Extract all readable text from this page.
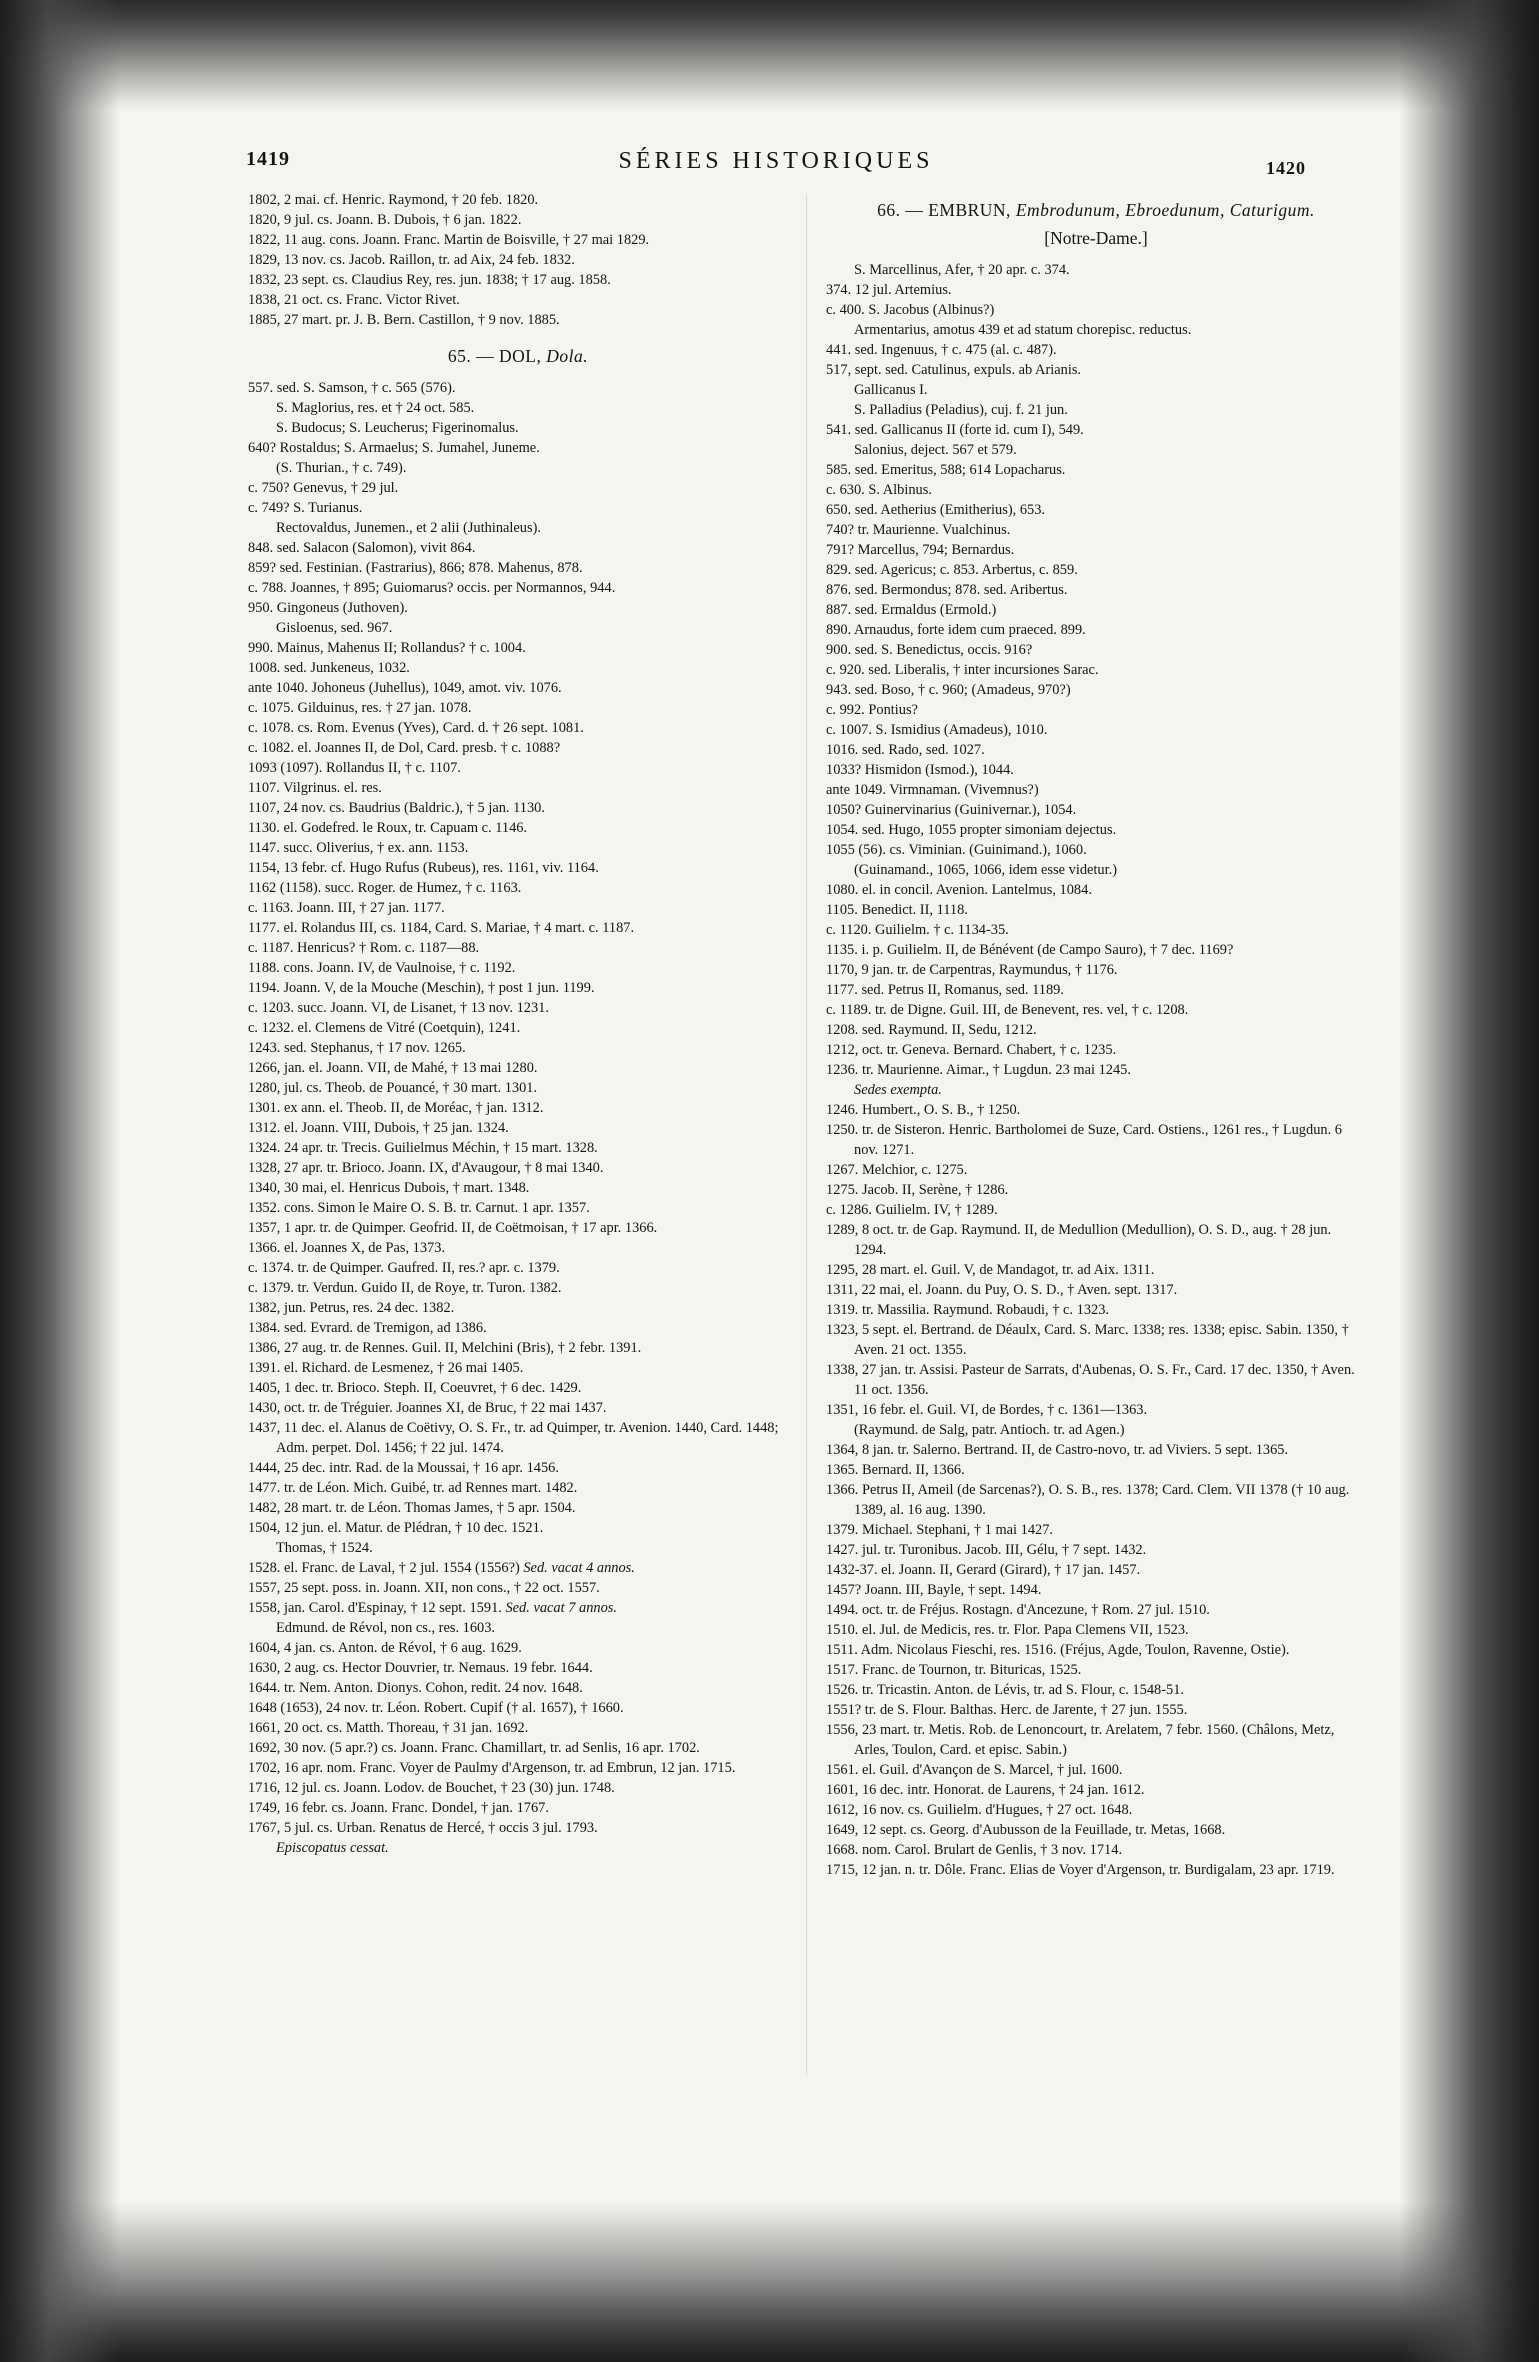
1419	SÉRIES HISTORIQUES	1420

1802, 2 mai. cf. Henric. Raymond, † 20 feb. 1820.

1820, 9 jul. cs. Joann. B. Dubois, † 6 jan. 1822.

1822, 11 aug. cons. Joann. Franc. Martin de Boisville, † 27 mai 1829.

1829, 13 nov. cs. Jacob. Raillon, tr. ad Aix, 24 feb. 1832.

1832, 23 sept. cs. Claudius Rey, res. jun. 1838; † 17 aug. 1858.

1838, 21 oct. cs. Franc. Victor Rivet.

1885, 27 mart. pr. J. B. Bern. Castillon, † 9 nov. 1885.

65. — DOL, Dola.

557. sed. S. Samson, † c. 565 (576).

S. Maglorius, res. et † 24 oct. 585.

S. Budocus; S. Leucherus; Figerinomalus.

640? Rostaldus; S. Armaelus; S. Jumahel, Juneme.

(S. Thurian., † c. 749).

c. 750? Genevus, † 29 jul.

c. 749? S. Turianus.

Rectovaldus, Junemen., et 2 alii (Juthinaleus).

848. sed. Salacon (Salomon), vivit 864.

859? sed. Festinian. (Fastrarius), 866; 878. Mahenus, 878.

c. 788. Joannes, † 895; Guiomarus? occis. per Normannos, 944.

950. Gingoneus (Juthoven).

Gisloenus, sed. 967.

990. Mainus, Mahenus II; Rollandus? † c. 1004.

1008. sed. Junkeneus, 1032.

ante 1040. Johoneus (Juhellus), 1049, amot. viv. 1076.

c. 1075. Gilduinus, res. † 27 jan. 1078.

c. 1078. cs. Rom. Evenus (Yves), Card. d. † 26 sept. 1081.

c. 1082. el. Joannes II, de Dol, Card. presb. † c. 1088?

1093 (1097). Rollandus II, † c. 1107.

1107. Vilgrinus. el. res.

1107, 24 nov. cs. Baudrius (Baldric.), † 5 jan. 1130.

1130. el. Godefred. le Roux, tr. Capuam c. 1146.

1147. succ. Oliverius, † ex. ann. 1153.

1154, 13 febr. cf. Hugo Rufus (Rubeus), res. 1161, viv. 1164.

1162 (1158). succ. Roger. de Humez, † c. 1163.

c. 1163. Joann. III, † 27 jan. 1177.

1177. el. Rolandus III, cs. 1184, Card. S. Mariae, † 4 mart. c. 1187.

c. 1187. Henricus? † Rom. c. 1187—88.

1188. cons. Joann. IV, de Vaulnoise, † c. 1192.

1194. Joann. V, de la Mouche (Meschin), † post 1 jun. 1199.

c. 1203. succ. Joann. VI, de Lisanet, † 13 nov. 1231.

c. 1232. el. Clemens de Vitré (Coetquin), 1241.

1243. sed. Stephanus, † 17 nov. 1265.

1266, jan. el. Joann. VII, de Mahé, † 13 mai 1280.

1280, jul. cs. Theob. de Pouancé, † 30 mart. 1301.

1301. ex ann. el. Theob. II, de Moréac, † jan. 1312.

1312. el. Joann. VIII, Dubois, † 25 jan. 1324.

1324. 24 apr. tr. Trecis. Guilielmus Méchin, † 15 mart. 1328.

1328, 27 apr. tr. Brioco. Joann. IX, d'Avaugour, † 8 mai 1340.

1340, 30 mai, el. Henricus Dubois, † mart. 1348.

1352. cons. Simon le Maire O. S. B. tr. Carnut. 1 apr. 1357.

1357, 1 apr. tr. de Quimper. Geofrid. II, de Coëtmoisan, † 17 apr. 1366.

1366. el. Joannes X, de Pas, 1373.

c. 1374. tr. de Quimper. Gaufred. II, res.? apr. c. 1379.

c. 1379. tr. Verdun. Guido II, de Roye, tr. Turon. 1382.

1382, jun. Petrus, res. 24 dec. 1382.

1384. sed. Evrard. de Tremigon, ad 1386.

1386, 27 aug. tr. de Rennes. Guil. II, Melchini (Bris), † 2 febr. 1391.

1391. el. Richard. de Lesmenez, † 26 mai 1405.

1405, 1 dec. tr. Brioco. Steph. II, Coeuvret, † 6 dec. 1429.

1430, oct. tr. de Tréguier. Joannes XI, de Bruc, † 22 mai 1437.

1437, 11 dec. el. Alanus de Coëtivy, O. S. Fr., tr. ad Quimper, tr. Avenion. 1440, Card. 1448; Adm. perpet. Dol. 1456; † 22 jul. 1474.

1444, 25 dec. intr. Rad. de la Moussai, † 16 apr. 1456.

1477. tr. de Léon. Mich. Guibé, tr. ad Rennes mart. 1482.

1482, 28 mart. tr. de Léon. Thomas James, † 5 apr. 1504.

1504, 12 jun. el. Matur. de Plédran, † 10 dec. 1521.

Thomas, † 1524.

1528. el. Franc. de Laval, † 2 jul. 1554 (1556?) Sed. vacat 4 annos.

1557, 25 sept. poss. in. Joann. XII, non cons., † 22 oct. 1557.

1558, jan. Carol. d'Espinay, † 12 sept. 1591. Sed. vacat 7 annos.

Edmund. de Révol, non cs., res. 1603.

1604, 4 jan. cs. Anton. de Révol, † 6 aug. 1629.

1630, 2 aug. cs. Hector Douvrier, tr. Nemaus. 19 febr. 1644.

1644. tr. Nem. Anton. Dionys. Cohon, redit. 24 nov. 1648.

1648 (1653), 24 nov. tr. Léon. Robert. Cupif († al. 1657), † 1660.

1661, 20 oct. cs. Matth. Thoreau, † 31 jan. 1692.

1692, 30 nov. (5 apr.?) cs. Joann. Franc. Chamillart, tr. ad Senlis, 16 apr. 1702.

1702, 16 apr. nom. Franc. Voyer de Paulmy d'Argenson, tr. ad Embrun, 12 jan. 1715.

1716, 12 jul. cs. Joann. Lodov. de Bouchet, † 23 (30) jun. 1748.

1749, 16 febr. cs. Joann. Franc. Dondel, † jan. 1767.

1767, 5 jul. cs. Urban. Renatus de Hercé, † occis 3 jul. 1793.

Episcopatus cessat.

66. — EMBRUN, Embrodunum, Ebroedunum, Caturigum.
[Notre-Dame.]

S. Marcellinus, Afer, † 20 apr. c. 374.

374. 12 jul. Artemius.

c. 400. S. Jacobus (Albinus?)

Armentarius, amotus 439 et ad statum chorepisc. reductus.

441. sed. Ingenuus, † c. 475 (al. c. 487).

517, sept. sed. Catulinus, expuls. ab Arianis.

Gallicanus I.

S. Palladius (Peladius), cuj. f. 21 jun.

541. sed. Gallicanus II (forte id. cum I), 549.

Salonius, deject. 567 et 579.

585. sed. Emeritus, 588; 614 Lopacharus.

c. 630. S. Albinus.

650. sed. Aetherius (Emitherius), 653.

740? tr. Maurienne. Vualchinus.

791? Marcellus, 794; Bernardus.

829. sed. Agericus; c. 853. Arbertus, c. 859.

876. sed. Bermondus; 878. sed. Aribertus.

887. sed. Ermaldus (Ermold.)

890. Arnaudus, forte idem cum praeced. 899.

900. sed. S. Benedictus, occis. 916?

c. 920. sed. Liberalis, † inter incursiones Sarac.

943. sed. Boso, † c. 960; (Amadeus, 970?)

c. 992. Pontius?

c. 1007. S. Ismidius (Amadeus), 1010.

1016. sed. Rado, sed. 1027.

1033? Hismidon (Ismod.), 1044.

ante 1049. Virmnaman. (Vivemnus?)

1050? Guinervinarius (Guinivernar.), 1054.

1054. sed. Hugo, 1055 propter simoniam dejectus.

1055 (56). cs. Viminian. (Guinimand.), 1060.

(Guinamand., 1065, 1066, idem esse videtur.)

1080. el. in concil. Avenion. Lantelmus, 1084.

1105. Benedict. II, 1118.

c. 1120. Guilielm. † c. 1134-35.

1135. i. p. Guilielm. II, de Bénévent (de Campo Sauro), † 7 dec. 1169?

1170, 9 jan. tr. de Carpentras, Raymundus, † 1176.

1177. sed. Petrus II, Romanus, sed. 1189.

c. 1189. tr. de Digne. Guil. III, de Benevent, res. vel, † c. 1208.

1208. sed. Raymund. II, Sedu, 1212.

1212, oct. tr. Geneva. Bernard. Chabert, † c. 1235.

1236. tr. Maurienne. Aimar., † Lugdun. 23 mai 1245.

Sedes exempta.

1246. Humbert., O. S. B., † 1250.

1250. tr. de Sisteron. Henric. Bartholomei de Suze, Card. Ostiens., 1261 res., † Lugdun. 6 nov. 1271.

1267. Melchior, c. 1275.

1275. Jacob. II, Serène, † 1286.

c. 1286. Guilielm. IV, † 1289.

1289, 8 oct. tr. de Gap. Raymund. II, de Medullion (Medullion), O. S. D., aug. † 28 jun. 1294.

1295, 28 mart. el. Guil. V, de Mandagot, tr. ad Aix. 1311.

1311, 22 mai, el. Joann. du Puy, O. S. D., † Aven. sept. 1317.

1319. tr. Massilia. Raymund. Robaudi, † c. 1323.

1323, 5 sept. el. Bertrand. de Déaulx, Card. S. Marc. 1338; res. 1338; episc. Sabin. 1350, † Aven. 21 oct. 1355.

1338, 27 jan. tr. Assisi. Pasteur de Sarrats, d'Aubenas, O. S. Fr., Card. 17 dec. 1350, † Aven. 11 oct. 1356.

1351, 16 febr. el. Guil. VI, de Bordes, † c. 1361—1363.

(Raymund. de Salg, patr. Antioch. tr. ad Agen.)

1364, 8 jan. tr. Salerno. Bertrand. II, de Castro-novo, tr. ad Viviers. 5 sept. 1365.

1365. Bernard. II, 1366.

1366. Petrus II, Ameil (de Sarcenas?), O. S. B., res. 1378; Card. Clem. VII 1378 († 10 aug. 1389, al. 16 aug. 1390.

1379. Michael. Stephani, † 1 mai 1427.

1427. jul. tr. Turonibus. Jacob. III, Gélu, † 7 sept. 1432.

1432-37. el. Joann. II, Gerard (Girard), † 17 jan. 1457.

1457? Joann. III, Bayle, † sept. 1494.

1494. oct. tr. de Fréjus. Rostagn. d'Ancezune, † Rom. 27 jul. 1510.

1510. el. Jul. de Medicis, res. tr. Flor. Papa Clemens VII, 1523.

1511. Adm. Nicolaus Fieschi, res. 1516. (Fréjus, Agde, Toulon, Ravenne, Ostie).

1517. Franc. de Tournon, tr. Bituricas, 1525.

1526. tr. Tricastin. Anton. de Lévis, tr. ad S. Flour, c. 1548-51.

1551? tr. de S. Flour. Balthas. Herc. de Jarente, † 27 jun. 1555.

1556, 23 mart. tr. Metis. Rob. de Lenoncourt, tr. Arelatem, 7 febr. 1560. (Châlons, Metz, Arles, Toulon, Card. et episc. Sabin.)

1561. el. Guil. d'Avançon de S. Marcel, † jul. 1600.

1601, 16 dec. intr. Honorat. de Laurens, † 24 jan. 1612.

1612, 16 nov. cs. Guilielm. d'Hugues, † 27 oct. 1648.

1649, 12 sept. cs. Georg. d'Aubusson de la Feuillade, tr. Metas, 1668.

1668. nom. Carol. Brulart de Genlis, † 3 nov. 1714.

1715, 12 jan. n. tr. Dôle. Franc. Elias de Voyer d'Argenson, tr. Burdigalam, 23 apr. 1719.
